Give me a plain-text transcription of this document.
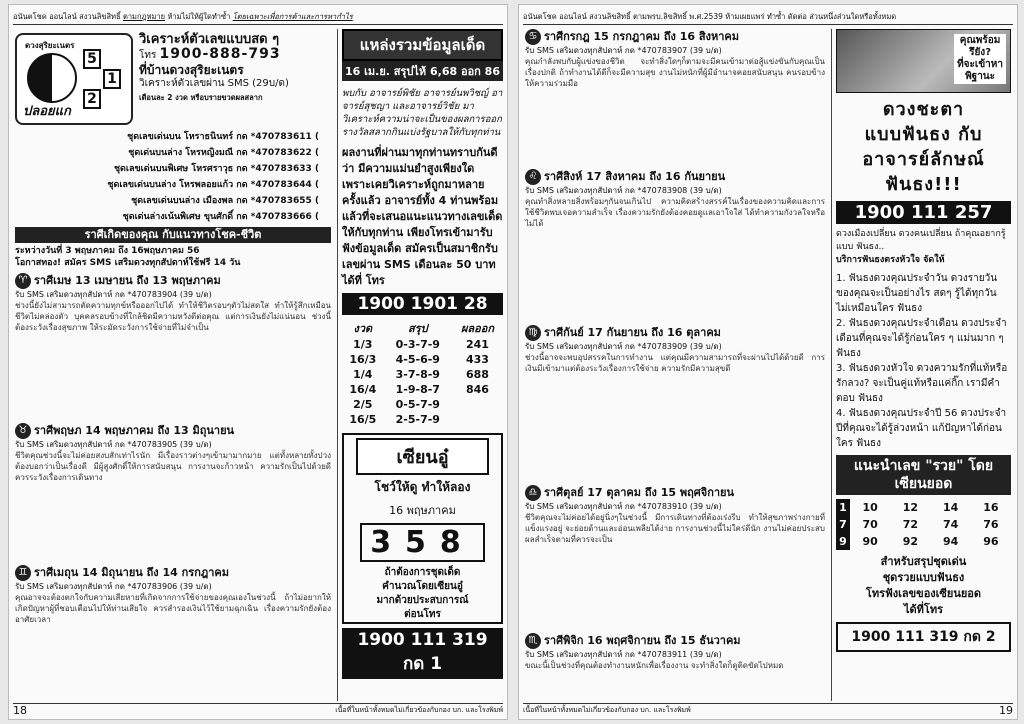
อนันตโชค ออนไลน์ สงวนลิขสิทธิ์ ตามกฎหมาย ห้ามไม่ให้ผู้ใดทำซ้ำ โดยเฉพาะเพื่อการค้าและการหากำไร
ดวงสุริยะเนตร
5
1
2
ปลอยแก
วิเคราะห์ตัวเลขแบบสด ๆ
โทร 1900-888-793
ที่บ้านดวงสุริยะเนตร
วิเคราะห์ตัวเลขผ่าน SMS (29บ/ด)
เดือนละ 2 งวด หรือบรายขวดผลสลาก
ชุดเลขเด่นบน โหราธนินทร์ กด *470783611 (
ชุดเด่นบนล่าง โหรหญิงมณี กด *470783622 (
ชุดเลขเด่นบนพิเศษ โหรศราวุธ กด *470783633 (
ชุดเลขเด่นบนล่าง โหรพลอยแก้ว กด *470783644 (
ชุดเลขเด่นบนล่าง เมืองพล กด *470783655 (
ชุดเด่นล่างเน้นพิเศษ ขุนศักดิ์ กด *470783666 (
ราศีเกิดของคุณ กับแนวทางโชค-ชีวิต
ระหว่างวันที่ 3 พฤษภาคม ถึง 16พฤษภาคม 56
โอกาสทอง! สมัคร SMS เสริมดวงทุกสัปดาห์ใช้ฟรี 14 วัน
♈ ราศีเมษ 13 เมษายน ถึง 13 พฤษภาคม
รับ SMS เสริมดวงทุกสัปดาห์ กด *470783904 (39 บ/ด)
ช่วงนี้ยังไม่สามารถตัดความทุกข์หรือออกไปได้ ทำให้ชีวิตรอบๆตัวไม่สดใส ทำให้รู้สึกเหมือนชีวิตไม่คล่องตัว บุคคลรอบข้างที่ใกล้ชิดมีความหวังดีต่อคุณ แต่การเงินยังไม่แน่นอน ช่วงนี้ต้องระวังเรื่องสุขภาพ ให้ระมัดระวังการใช้จ่ายที่ไม่จำเป็น
♉ ราศีพฤษภ 14 พฤษภาคม ถึง 13 มิถุนายน
รับ SMS เสริมดวงทุกสัปดาห์ กด *470783905 (39 บ/ด)
ชีวิตคุณช่วงนี้จะไม่ค่อยสงบสักเท่าไรนัก มีเรื่องราวต่างๆเข้ามามากมาย แต่ทั้งหลายทั้งปวงต้องบอกว่าเป็นเรื่องดี มีผู้สูงศักดิ์ให้การสนับสนุน การงานจะก้าวหน้า ความรักเป็นไปด้วยดี ควรระวังเรื่องการเดินทาง
♊ ราศีเมถุน 14 มิถุนายน ถึง 14 กรกฎาคม
รับ SMS เสริมดวงทุกสัปดาห์ กด *470783906 (39 บ/ด)
คุณอาจจะต้องตกใจกับความเสียหายที่เกิดจากการใช้จ่ายของคุณเองในช่วงนี้ ถ้าไม่อยากให้เกิดปัญหาผู้ที่ชอบเตือนไปให้ท่านเสียใจ ควรสำรองเงินไว้ใช้ยามฉุกเฉิน เรื่องความรักยังต้องอาศัยเวลา
แหล่งรวมข้อมูลเด็ด
16 เม.ย. สรุปไห้ 6,68 ออก 86
พบกับ อาจารย์พิชัย อาจารย์นพวิชญ์ อาจารย์สุชญา และอาจารย์วิชัย มาวิเคราะห์ความน่าจะเป็นของผลการออกรางวัลสลากกินแบ่งรัฐบาลให้กับทุกท่าน
ผลงานที่ผ่านมาทุกท่านทราบกันดีว่า มีความแม่นยำสูงเพียงใด เพราะเคยวิเคราะห์ถูกมาหลายครั้งแล้ว อาจารย์ทั้ง 4 ท่านพร้อมแล้วที่จะเสนอแนะแนวทางเลขเด็ดให้กับทุกท่าน เพียงโทรเข้ามารับฟังข้อมูลเด็ด สมัครเป็นสมาชิกรับเลขผ่าน SMS เดือนละ 50 บาทได้ที่ โทร
1900 1901 28
งวด	สรุป	ผลออก
1/3	0-3-7-9	241
16/3	4-5-6-9	433
1/4	3-7-8-9	688
16/4	1-9-8-7	846
2/5	0-5-7-9	
16/5	2-5-7-9	
เซียนอู๋
โชว์ให้ดู ทำให้ลอง
16 พฤษภาคม
358
ถ้าต้องการชุดเด็ด
คำนวณโดยเซียนอู๋
มากด้วยประสบการณ์
ต่อนโทร
1900 111 319
กด 1
18	เนื้อที่ในหน้าทั้งหมดไม่เกี่ยวข้องกับกอง บก. และโรงพิมพ์
อนันตโชค ออนไลน์ สงวนลิขสิทธิ์ ตามพรบ.ลิขสิทธิ์ พ.ศ.2539 ห้ามเผยแพร่ ทำซ้ำ ดัดต่อ ส่วนหนึ่งส่วนใดหรือทั้งหมด
♋ ราศีกรกฎ 15 กรกฎาคม ถึง 16 สิงหาคม
รับ SMS เสริมดวงทุกสัปดาห์ กด *470783907 (39 บ/ด)
คุณกำลังพบกับผู้แข่งของชีวิต จะทำสิ่งใดๆก็ตามจะมีคนเข้ามาต่อสู้แข่งขันกับคุณเป็นเรื่องปกติ ถ้าทำงานได้ดีก็จะมีความสุข งานไม่หนักที่ผู้มีอำนาจคอยสนับสนุน คนรอบข้างให้ความร่วมมือ
♌ ราศีสิงห์ 17 สิงหาคม ถึง 16 กันยายน
รับ SMS เสริมดวงทุกสัปดาห์ กด *470783908 (39 บ/ด)
คุณทำสิ่งหลายสิ่งพร้อมๆกันจนเกินไป ความคิดสร้างสรรค์ในเรื่องของความคิดและการใช้ชีวิตพบเจอความสำเร็จ เรื่องความรักยังต้องคอยดูแลเอาใจใส่ ได้ทำความกังวลใจหรือไม่ได้
♍ ราศีกันย์ 17 กันยายน ถึง 16 ตุลาคม
รับ SMS เสริมดวงทุกสัปดาห์ กด *470783909 (39 บ/ด)
ช่วงนี้อาจจะพบอุปสรรคในการทำงาน แต่คุณมีความสามารถที่จะผ่านไปได้ด้วยดี การเงินมีเข้ามาแต่ต้องระวังเรื่องการใช้จ่าย ความรักมีความสุขดี
♎ ราศีตุลย์ 17 ตุลาคม ถึง 15 พฤศจิกายน
รับ SMS เสริมดวงทุกสัปดาห์ กด *470783910 (39 บ/ด)
ชีวิตคุณจะไม่ค่อยได้อยู่นิ่งๆในช่วงนี้ มีการเดินทางที่ต้องเร่งรีบ ทำให้สุขภาพร่างกายที่แข็งแรงอยู่ จะย่อยด้านและอ่อนเพลียได้ง่าย การงานช่วงนี้ไม่ใคร่ดีนัก งานไม่ค่อยประสบผลสำเร็จตามที่ควรจะเป็น
♏ ราศีพิจิก 16 พฤศจิกายน ถึง 15 ธันวาคม
รับ SMS เสริมดวงทุกสัปดาห์ กด *470783911 (39 บ/ด)
ขณะนี้เป็นช่วงที่คุณต้องทำงานหนักเพื่อเรื่องงาน จะทำสิ่งใดก็ดูติดขัดไปหมด
คุณพร้อม
รึยัง?
ที่จะเข้าหา
พิฐานะ
ดวงชะตา
แบบฟันธง กับ
อาจารย์ลักษณ์
ฟันธง!!!
1900 111 257
ดวงเมืองเปลี่ยน ดวงคนเปลี่ยน ถ้าคุณอยากรู้แบบ ฟันธง..
บริการฟันธงตรงหัวใจ จัดให้
1. ฟันธงดวงคุณประจำวัน ดวงรายวันของคุณจะเป็นอย่างไร สดๆ รู้ได้ทุกวัน ไม่เหมือนใคร ฟันธง
2. ฟันธงดวงคุณประจำเดือน ดวงประจำเดือนที่คุณจะได้รู้ก่อนใคร ๆ แม่นมาก ๆ ฟันธง
3. ฟันธงดวงหัวใจ ดวงความรักที่แท้หรือรักลวง? จะเป็นคู่แท้หรือแค่กิ๊ก เรามีคำตอบ ฟันธง
4. ฟันธงดวงคุณประจำปี 56 ดวงประจำปีที่คุณจะได้รู้ล่วงหน้า แก้ปัญหาได้ก่อนใคร ฟันธง
แนะนำเลข "รวย" โดยเซียนยอด
1	10	12	14	16
7	70	72	74	76
9	90	92	94	96
สำหรับสรุปชุดเด่น
ชุดรวยแบบฟันธง
โทรฟังเลขของเซียนยอด
ได้ที่โทร
1900 111 319 กด 2
เนื้อที่ในหน้าทั้งหมดไม่เกี่ยวข้องกับกอง บก. และโรงพิมพ์	19
